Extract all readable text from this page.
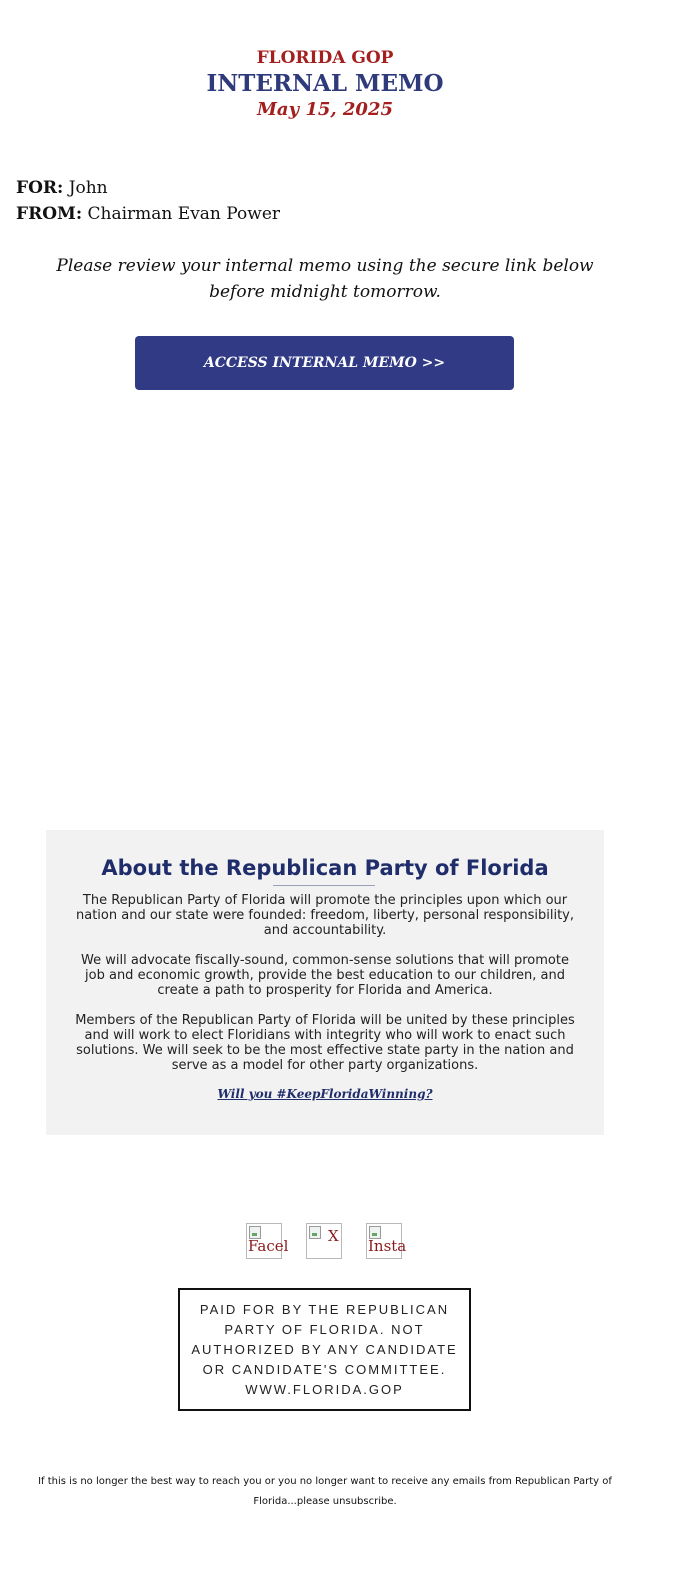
FLORIDA GOP
INTERNAL MEMO
May 15, 2025
FOR: John
FROM: Chairman Evan Power
Please review your internal memo using the secure link below before midnight tomorrow.
ACCESS INTERNAL MEMO >>
About the Republican Party of Florida

The Republican Party of Florida will promote the principles upon which our nation and our state were founded: freedom, liberty, personal responsibility, and accountability.

We will advocate fiscally-sound, common-sense solutions that will promote job and economic growth, provide the best education to our children, and create a path to prosperity for Florida and America.

Members of the Republican Party of Florida will be united by these principles and will work to elect Floridians with integrity who will work to enact such solutions. We will seek to be the most effective state party in the nation and serve as a model for other party organizations.

Will you #KeepFloridaWinning?
Facel
X
Insta
PAID FOR BY THE REPUBLICAN
PARTY OF FLORIDA. NOT
AUTHORIZED BY ANY CANDIDATE
OR CANDIDATE'S COMMITTEE.
WWW.FLORIDA.GOP
If this is no longer the best way to reach you or you no longer want to receive any emails from Republican Party of
Florida...please unsubscribe.
